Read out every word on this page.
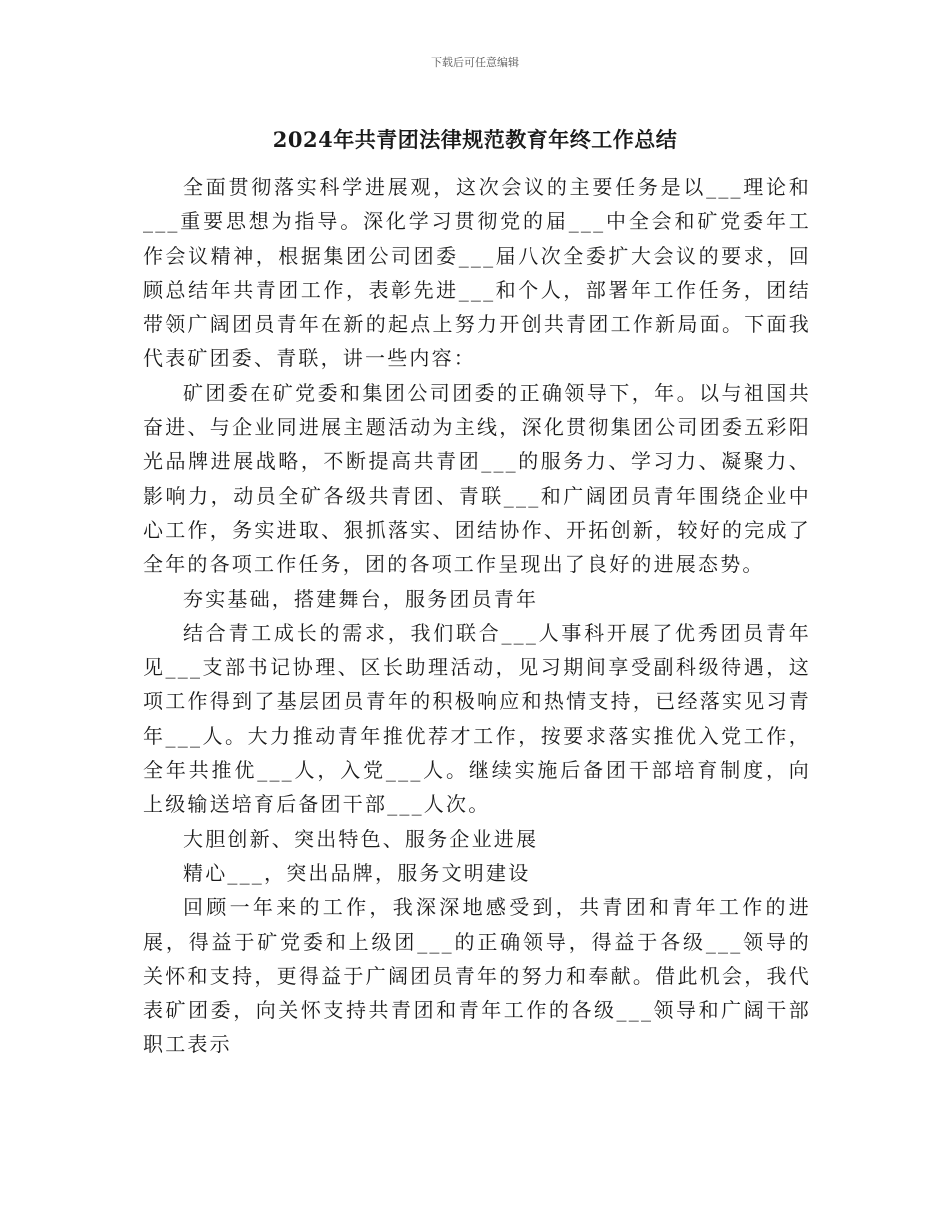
下载后可任意编辑
2024年共青团法律规范教育年终工作总结

全面贯彻落实科学进展观，这次会议的主要任务是以___理论和___重要思想为指导。深化学习贯彻党的届___中全会和矿党委年工作会议精神，根据集团公司团委___届八次全委扩大会议的要求，回顾总结年共青团工作，表彰先进___和个人，部署年工作任务，团结带领广阔团员青年在新的起点上努力开创共青团工作新局面。下面我代表矿团委、青联，讲一些内容：

矿团委在矿党委和集团公司团委的正确领导下，年。以与祖国共奋进、与企业同进展主题活动为主线，深化贯彻集团公司团委五彩阳光品牌进展战略，不断提高共青团___的服务力、学习力、凝聚力、影响力，动员全矿各级共青团、青联___和广阔团员青年围绕企业中心工作，务实进取、狠抓落实、团结协作、开拓创新，较好的完成了全年的各项工作任务，团的各项工作呈现出了良好的进展态势。

夯实基础，搭建舞台，服务团员青年

结合青工成长的需求，我们联合___人事科开展了优秀团员青年见___支部书记协理、区长助理活动，见习期间享受副科级待遇，这项工作得到了基层团员青年的积极响应和热情支持，已经落实见习青年___人。大力推动青年推优荐才工作，按要求落实推优入党工作，全年共推优___人，入党___人。继续实施后备团干部培育制度，向上级输送培育后备团干部___人次。

大胆创新、突出特色、服务企业进展

精心___，突出品牌，服务文明建设

回顾一年来的工作，我深深地感受到，共青团和青年工作的进展，得益于矿党委和上级团___的正确领导，得益于各级___领导的关怀和支持，更得益于广阔团员青年的努力和奉献。借此机会，我代表矿团委，向关怀支持共青团和青年工作的各级___领导和广阔干部职工表示
